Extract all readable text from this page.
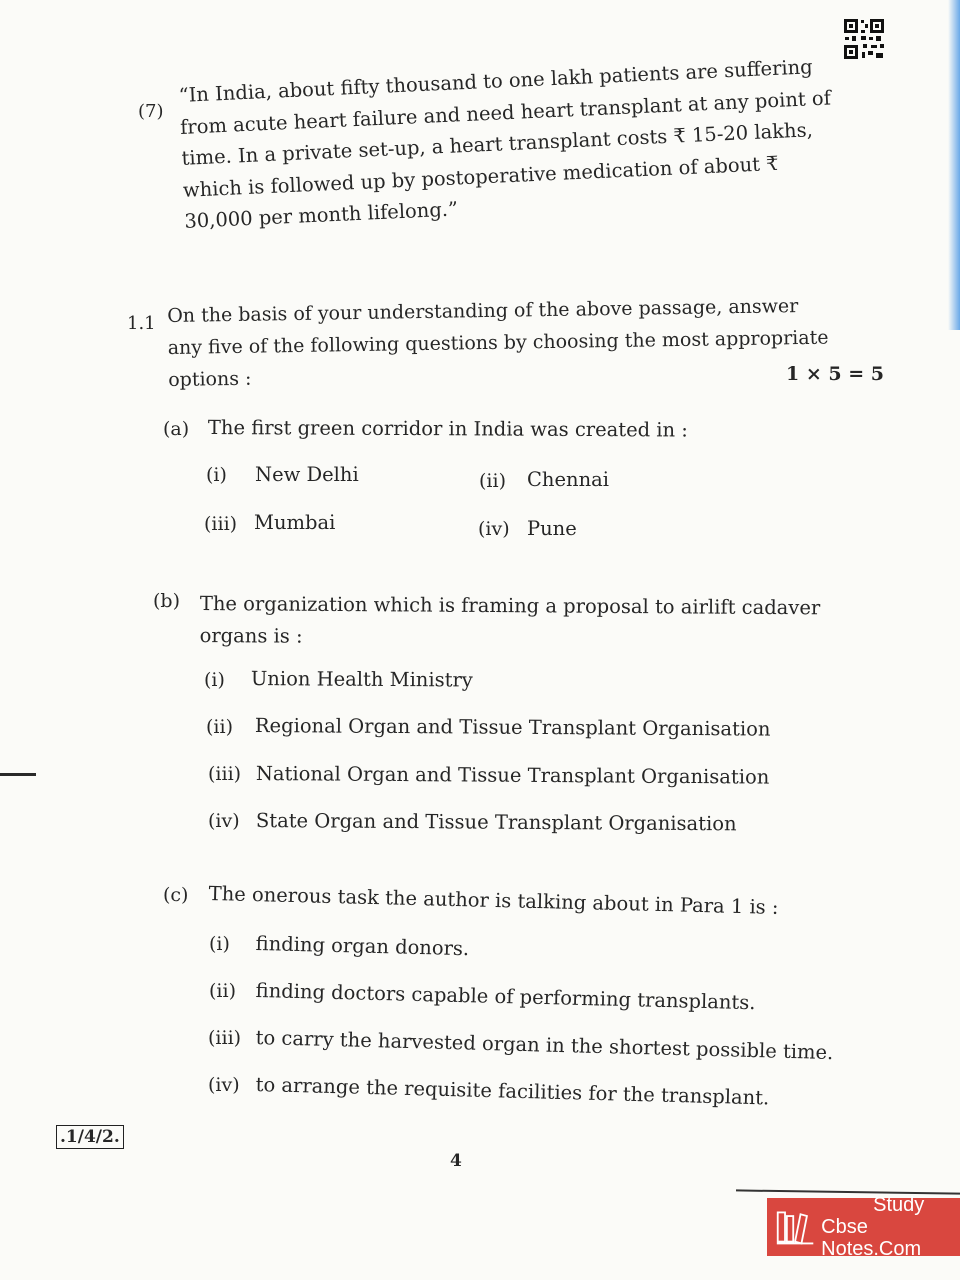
(7)

“In India, about fifty thousand to one lakh patients are suffering from acute heart failure and need heart transplant at any point of time. In a private set-up, a heart transplant costs ₹ 15-20 lakhs, which is followed up by postoperative medication of about ₹ 30,000 per month lifelong.”

1.1 On the basis of your understanding of the above passage, answer any five of the following questions by choosing the most appropriate options :	1 × 5 = 5
(a) The first green corridor in India was created in :
(i) New Delhi	(ii) Chennai
(iii) Mumbai	(iv) Pune
(b) The organization which is framing a proposal to airlift cadaver organs is :
(i) Union Health Ministry
(ii) Regional Organ and Tissue Transplant Organisation
(iii) National Organ and Tissue Transplant Organisation
(iv) State Organ and Tissue Transplant Organisation
(c) The onerous task the author is talking about in Para 1 is :
(i) finding organ donors.
(ii) finding doctors capable of performing transplants.
(iii) to carry the harvested organ in the shortest possible time.
(iv) to arrange the requisite facilities for the transplant.
.1/4/2.
4
Study
Cbse Notes.Com
